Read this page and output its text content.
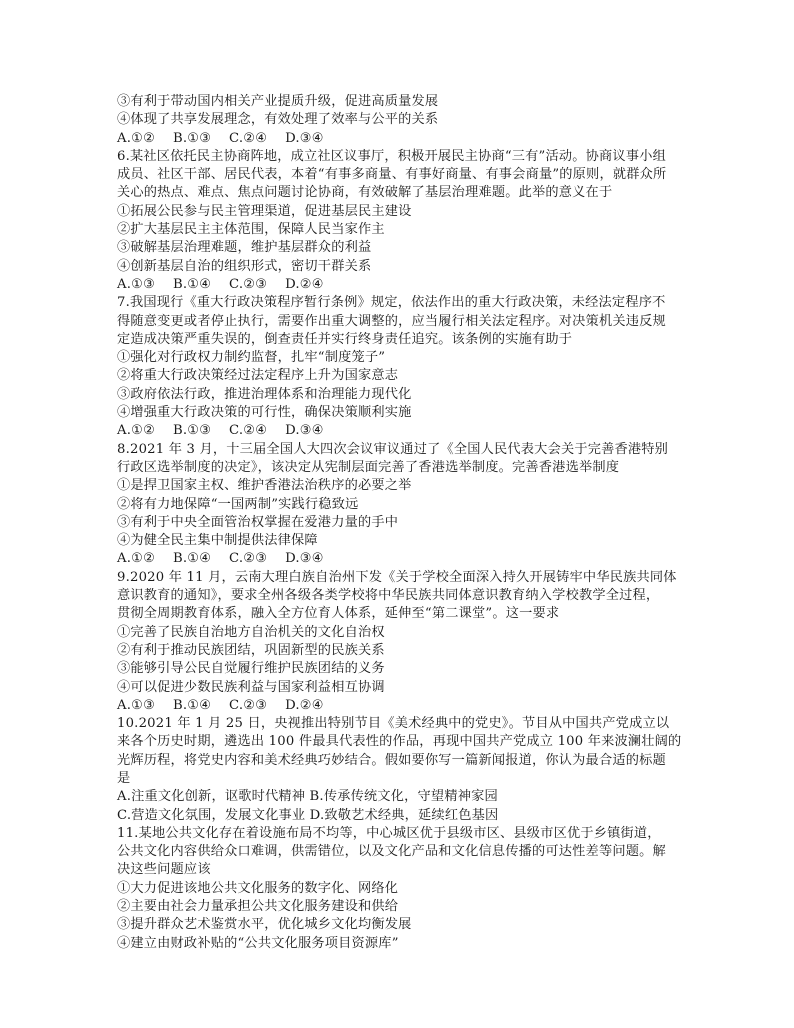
③有利于带动国内相关产业提质升级，促进高质量发展
④体现了共享发展理念，有效处理了效率与公平的关系
A.①②　 B.①③　 C.②④　 D.③④
6.某社区依托民主协商阵地，成立社区议事厅，积极开展民主协商“三有”活动。协商议事小组
成员、社区干部、居民代表，本着“有事多商量、有事好商量、有事会商量”的原则，就群众所
关心的热点、难点、焦点问题讨论协商，有效破解了基层治理难题。此举的意义在于
①拓展公民参与民主管理渠道，促进基层民主建设
②扩大基层民主主体范围，保障人民当家作主
③破解基层治理难题，维护基层群众的利益
④创新基层自治的组织形式，密切干群关系
A.①③　 B.①④　 C.②③　 D.②④
7.我国现行《重大行政决策程序暂行条例》规定，依法作出的重大行政决策，未经法定程序不
得随意变更或者停止执行，需要作出重大调整的，应当履行相关法定程序。对决策机关违反规
定造成决策严重失误的，倒查责任并实行终身责任追究。该条例的实施有助于
①强化对行政权力制约监督，扎牢“制度笼子”
②将重大行政决策经过法定程序上升为国家意志
③政府依法行政，推进治理体系和治理能力现代化
④增强重大行政决策的可行性，确保决策顺利实施
A.①②　 B.①③　 C.②④　 D.③④
8.2021 年 3 月，十三届全国人大四次会议审议通过了《全国人民代表大会关于完善香港特别
行政区选举制度的决定》，该决定从宪制层面完善了香港选举制度。完善香港选举制度
①是捍卫国家主权、维护香港法治秩序的必要之举
②将有力地保障“一国两制”实践行稳致远
③有利于中央全面管治权掌握在爱港力量的手中
④为健全民主集中制提供法律保障
A.①②　 B.①④　 C.②③　 D.③④
9.2020 年 11 月，云南大理白族自治州下发《关于学校全面深入持久开展铸牢中华民族共同体
意识教育的通知》，要求全州各级各类学校将中华民族共同体意识教育纳入学校教学全过程，
贯彻全周期教育体系，融入全方位育人体系，延伸至“第二课堂”。这一要求
①完善了民族自治地方自治机关的文化自治权
②有利于推动民族团结，巩固新型的民族关系
③能够引导公民自觉履行维护民族团结的义务
④可以促进少数民族利益与国家利益相互协调
A.①③　 B.①④　 C.②③　 D.②④
10.2021 年 1 月 25 日，央视推出特别节目《美术经典中的党史》。节目从中国共产党成立以
来各个历史时期，遴选出 100 件最具代表性的作品，再现中国共产党成立 100 年来波澜壮阔的
光辉历程，将党史内容和美术经典巧妙结合。假如要你写一篇新闻报道，你认为最合适的标题
是
A.注重文化创新，讴歌时代精神 B.传承传统文化，守望精神家园
C.营造文化氛围，发展文化事业 D.致敬艺术经典，延续红色基因
11.某地公共文化存在着设施布局不均等，中心城区优于县级市区、县级市区优于乡镇街道，
公共文化内容供给众口难调，供需错位，以及文化产品和文化信息传播的可达性差等问题。解
决这些问题应该
①大力促进该地公共文化服务的数字化、网络化
②主要由社会力量承担公共文化服务建设和供给
③提升群众艺术鉴赏水平，优化城乡文化均衡发展
④建立由财政补贴的“公共文化服务项目资源库”
